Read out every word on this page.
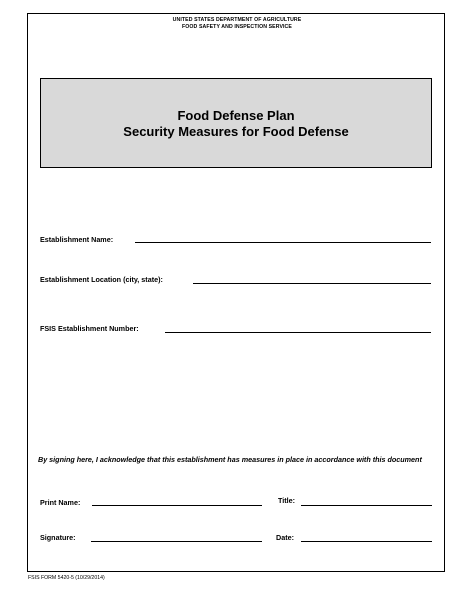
UNITED STATES DEPARTMENT OF AGRICULTURE
FOOD SAFETY AND INSPECTION SERVICE
Food Defense Plan
Security Measures for Food Defense
Establishment Name:
Establishment Location (city, state):
FSIS Establishment Number:
By signing here, I acknowledge that this establishment has measures in place in accordance with this document
Print Name:	Title:
Signature:	Date:
FSIS FORM 5420-5 (10/29/2014)
